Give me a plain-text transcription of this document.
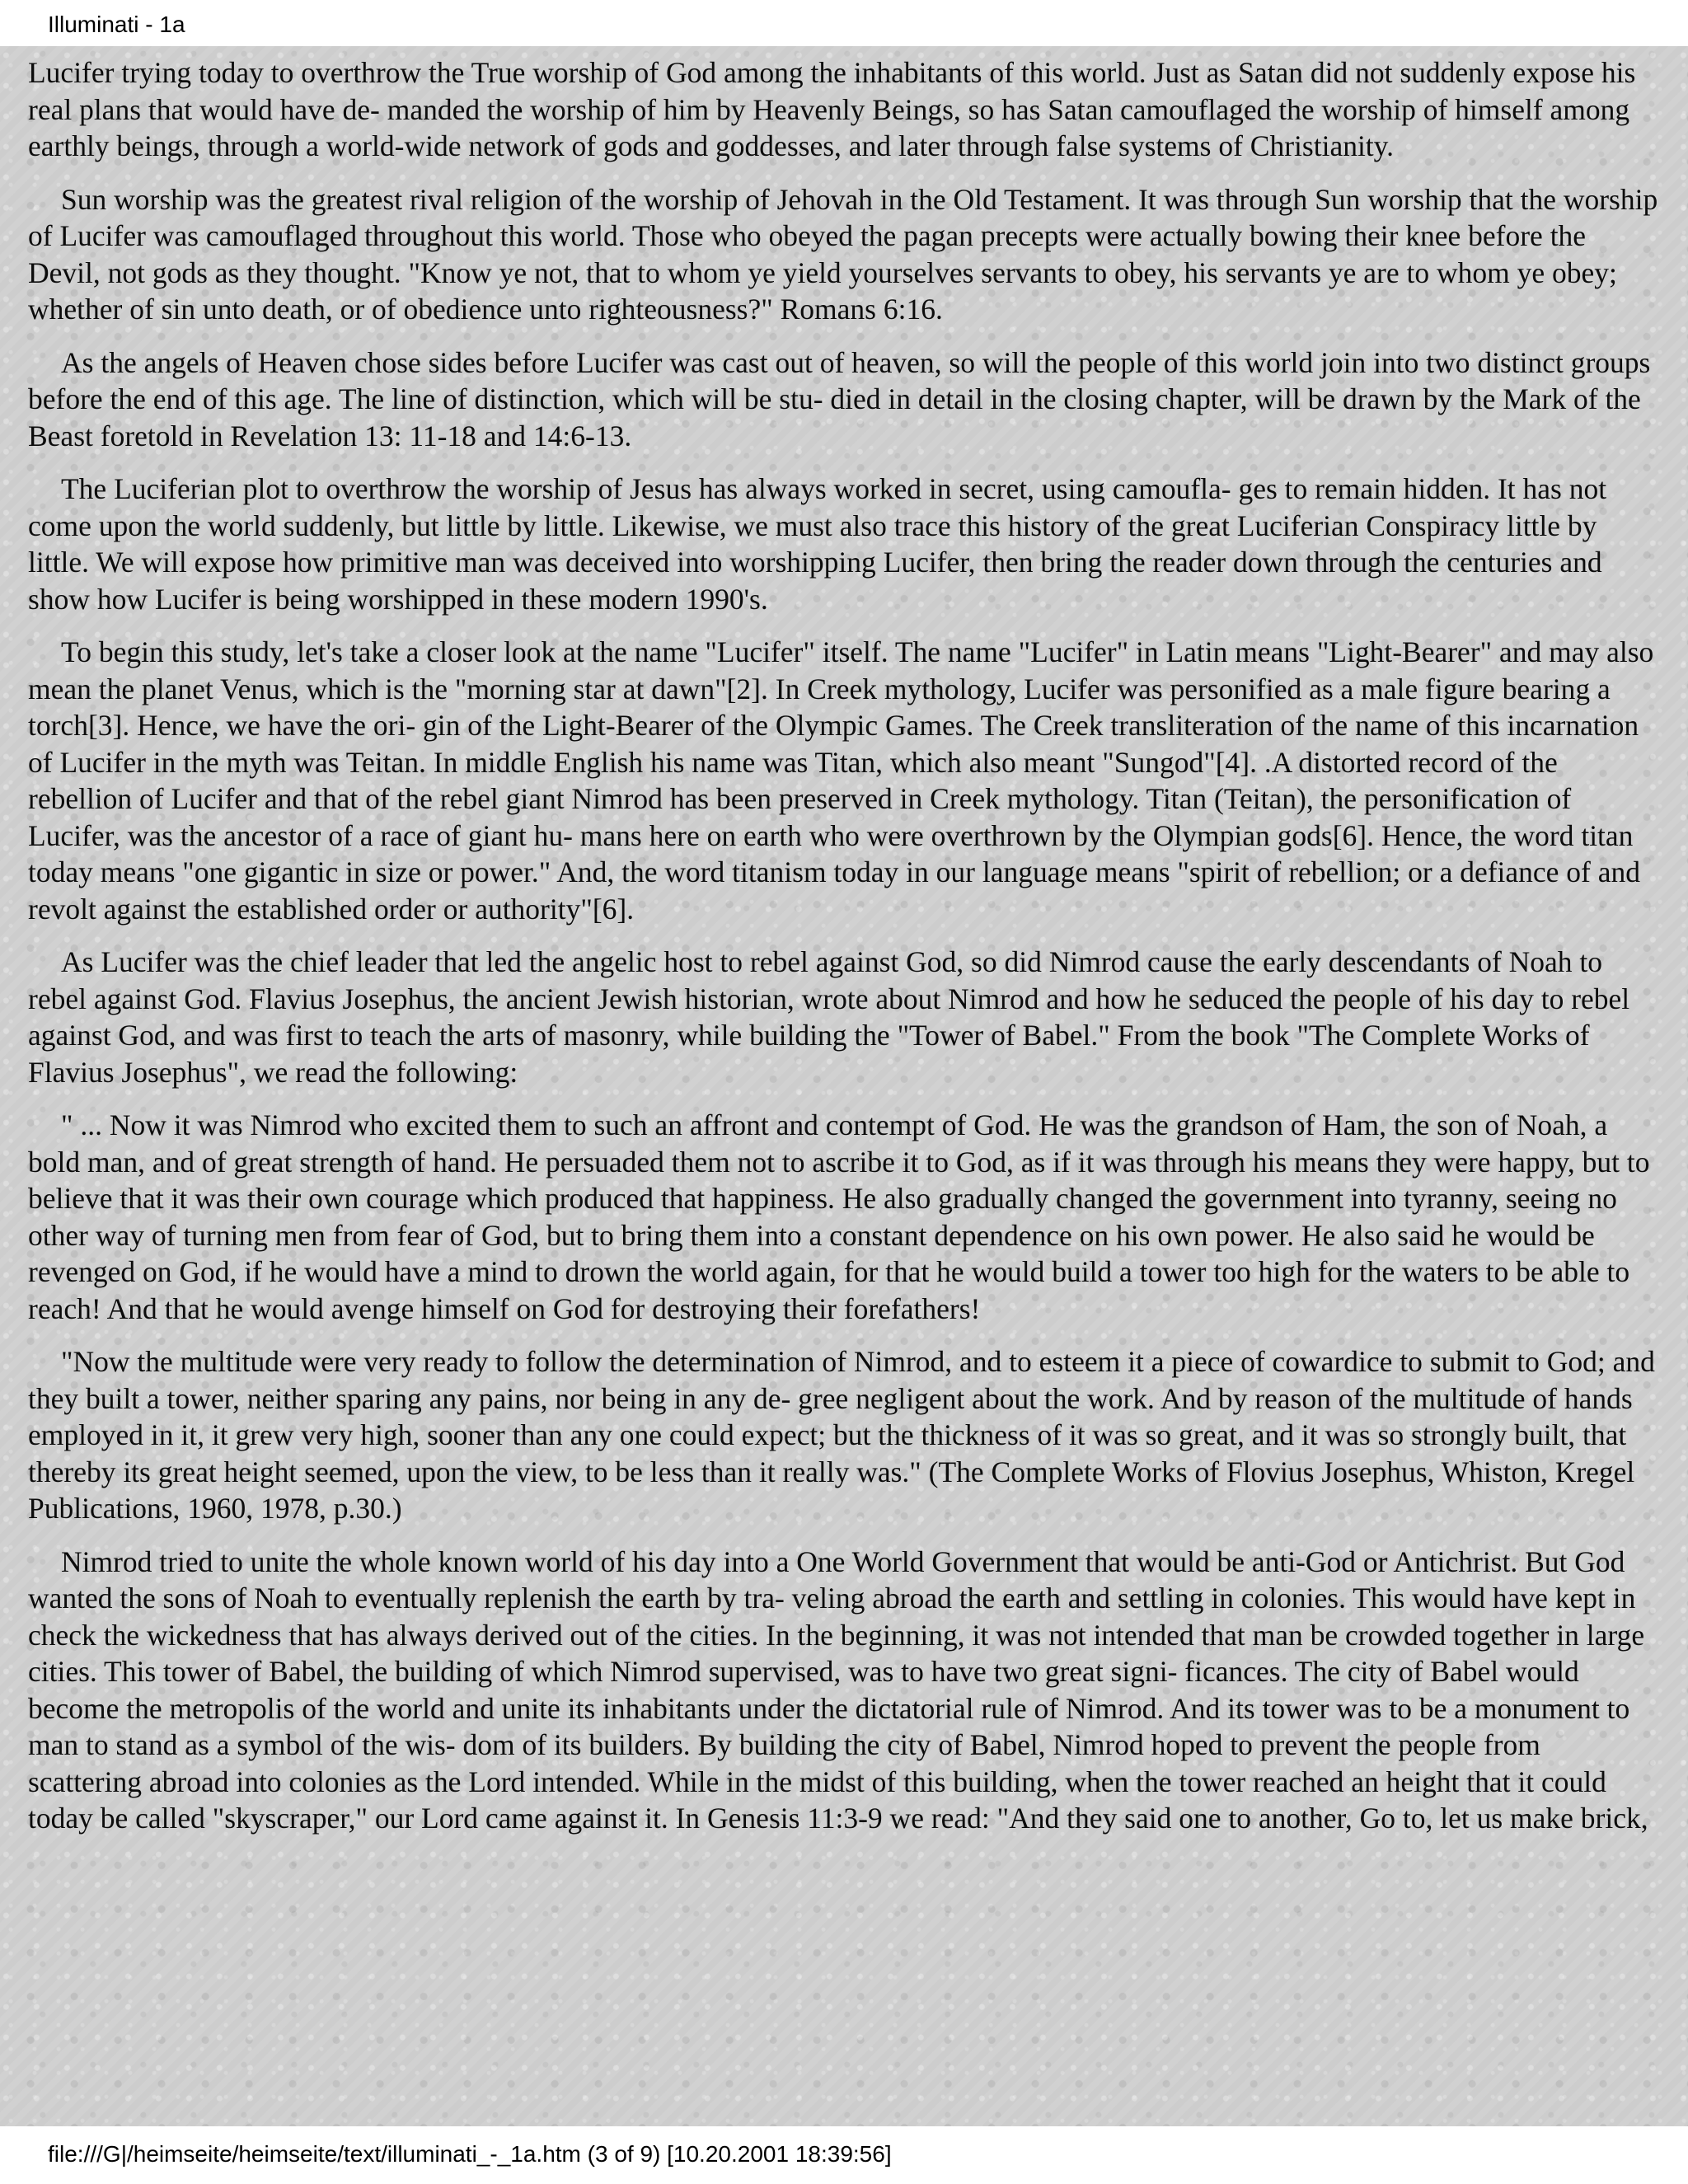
Illuminati - 1a

Lucifer trying today to overthrow the True worship of God among the inhabitants of this world. Just as Satan did not suddenly expose his real plans that would have de- manded the worship of him by Heavenly Beings, so has Satan camouflaged the worship of himself among earthly beings, through a world-wide network of gods and goddesses, and later through false systems of Christianity.

Sun worship was the greatest rival religion of the worship of Jehovah in the Old Testament. It was through Sun worship that the worship of Lucifer was camouflaged throughout this world. Those who obeyed the pagan precepts were actually bowing their knee before the Devil, not gods as they thought. "Know ye not, that to whom ye yield yourselves servants to obey, his servants ye are to whom ye obey; whether of sin unto death, or of obedience unto righteousness?" Romans 6:16.

As the angels of Heaven chose sides before Lucifer was cast out of heaven, so will the people of this world join into two distinct groups before the end of this age. The line of distinction, which will be stu- died in detail in the closing chapter, will be drawn by the Mark of the Beast foretold in Revelation 13: 11-18 and 14:6-13.

The Luciferian plot to overthrow the worship of Jesus has always worked in secret, using camoufla- ges to remain hidden. It has not come upon the world suddenly, but little by little. Likewise, we must also trace this history of the great Luciferian Conspiracy little by little. We will expose how primitive man was deceived into worshipping Lucifer, then bring the reader down through the centuries and show how Lucifer is being worshipped in these modern 1990's.

To begin this study, let's take a closer look at the name "Lucifer" itself. The name "Lucifer" in Latin means "Light-Bearer" and may also mean the planet Venus, which is the "morning star at dawn"[2]. In Creek mythology, Lucifer was personified as a male figure bearing a torch[3]. Hence, we have the ori- gin of the Light-Bearer of the Olympic Games. The Creek transliteration of the name of this incarnation of Lucifer in the myth was Teitan. In middle English his name was Titan, which also meant "Sungod"[4]. .A distorted record of the rebellion of Lucifer and that of the rebel giant Nimrod has been preserved in Creek mythology. Titan (Teitan), the personification of Lucifer, was the ancestor of a race of giant hu- mans here on earth who were overthrown by the Olympian gods[6]. Hence, the word titan today means "one gigantic in size or power." And, the word titanism today in our language means "spirit of rebellion; or a defiance of and revolt against the established order or authority"[6].

As Lucifer was the chief leader that led the angelic host to rebel against God, so did Nimrod cause the early descendants of Noah to rebel against God. Flavius Josephus, the ancient Jewish historian, wrote about Nimrod and how he seduced the people of his day to rebel against God, and was first to teach the arts of masonry, while building the "Tower of Babel." From the book "The Complete Works of Flavius Josephus", we read the following:

" ... Now it was Nimrod who excited them to such an affront and contempt of God. He was the grandson of Ham, the son of Noah, a bold man, and of great strength of hand. He persuaded them not to ascribe it to God, as if it was through his means they were happy, but to believe that it was their own courage which produced that happiness. He also gradually changed the government into tyranny, seeing no other way of turning men from fear of God, but to bring them into a constant dependence on his own power. He also said he would be revenged on God, if he would have a mind to drown the world again, for that he would build a tower too high for the waters to be able to reach! And that he would avenge himself on God for destroying their forefathers!

"Now the multitude were very ready to follow the determination of Nimrod, and to esteem it a piece of cowardice to submit to God; and they built a tower, neither sparing any pains, nor being in any de- gree negligent about the work. And by reason of the multitude of hands employed in it, it grew very high, sooner than any one could expect; but the thickness of it was so great, and it was so strongly built, that thereby its great height seemed, upon the view, to be less than it really was." (The Complete Works of Flovius Josephus, Whiston, Kregel Publications, 1960, 1978, p.30.)

Nimrod tried to unite the whole known world of his day into a One World Government that would be anti-God or Antichrist. But God wanted the sons of Noah to eventually replenish the earth by tra- veling abroad the earth and settling in colonies. This would have kept in check the wickedness that has always derived out of the cities. In the beginning, it was not intended that man be crowded together in large cities. This tower of Babel, the building of which Nimrod supervised, was to have two great signi- ficances. The city of Babel would become the metropolis of the world and unite its inhabitants under the dictatorial rule of Nimrod. And its tower was to be a monument to man to stand as a symbol of the wis- dom of its builders. By building the city of Babel, Nimrod hoped to prevent the people from scattering abroad into colonies as the Lord intended. While in the midst of this building, when the tower reached an height that it could today be called "skyscraper," our Lord came against it. In Genesis 11:3-9 we read: "And they said one to another, Go to, let us make brick,

file:///G|/heimseite/heimseite/text/illuminati_-_1a.htm (3 of 9) [10.20.2001 18:39:56]
